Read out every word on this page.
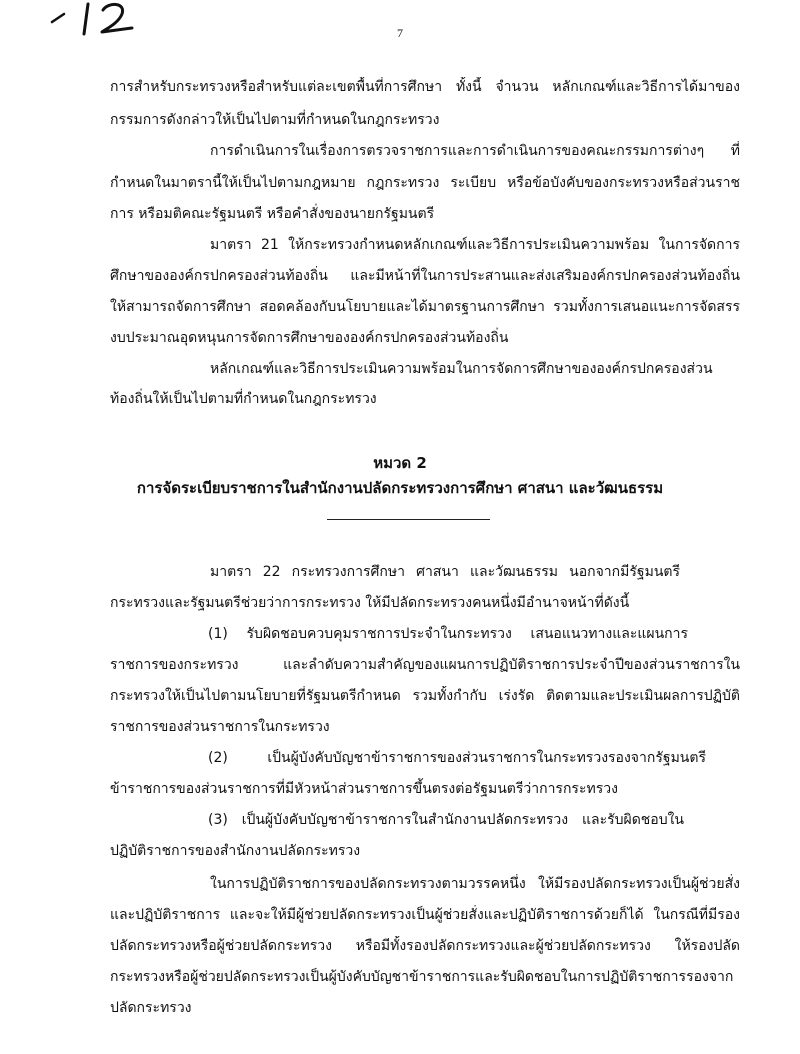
7
การสำหรับกระทรวงหรือสำหรับแต่ละเขตพื้นที่การศึกษา ทั้งนี้ จำนวน หลักเกณฑ์และวิธีการได้มาของ
กรรมการดังกล่าวให้เป็นไปตามที่กำหนดในกฎกระทรวง
การดำเนินการในเรื่องการตรวจราชการและการดำเนินการของคณะกรรมการต่างๆ ที่
กำหนดในมาตรานี้ให้เป็นไปตามกฎหมาย กฎกระทรวง ระเบียบ หรือข้อบังคับของกระทรวงหรือส่วนราช
การ หรือมติคณะรัฐมนตรี หรือคำสั่งของนายกรัฐมนตรี
มาตรา 21 ให้กระทรวงกำหนดหลักเกณฑ์และวิธีการประเมินความพร้อม ในการจัดการ
ศึกษาขององค์กรปกครองส่วนท้องถิ่น และมีหน้าที่ในการประสานและส่งเสริมองค์กรปกครองส่วนท้องถิ่น
ให้สามารถจัดการศึกษา สอดคล้องกับนโยบายและได้มาตรฐานการศึกษา รวมทั้งการเสนอแนะการจัดสรร
งบประมาณอุดหนุนการจัดการศึกษาขององค์กรปกครองส่วนท้องถิ่น
หลักเกณฑ์และวิธีการประเมินความพร้อมในการจัดการศึกษาขององค์กรปกครองส่วน
ท้องถิ่นให้เป็นไปตามที่กำหนดในกฎกระทรวง
หมวด 2
การจัดระเบียบราชการในสำนักงานปลัดกระทรวงการศึกษา ศาสนา และวัฒนธรรม
มาตรา 22 กระทรวงการศึกษา ศาสนา และวัฒนธรรม นอกจากมีรัฐมนตรี
กระทรวงและรัฐมนตรีช่วยว่าการกระทรวง ให้มีปลัดกระทรวงคนหนึ่งมีอำนาจหน้าที่ดังนี้
(1) รับผิดชอบควบคุมราชการประจำในกระทรวง เสนอแนวทางและแผนการ
ราชการของกระทรวง และลำดับความสำคัญของแผนการปฏิบัติราชการประจำปีของส่วนราชการใน
กระทรวงให้เป็นไปตามนโยบายที่รัฐมนตรีกำหนด รวมทั้งกำกับ เร่งรัด ติดตามและประเมินผลการปฏิบัติ
ราชการของส่วนราชการในกระทรวง
(2) เป็นผู้บังคับบัญชาข้าราชการของส่วนราชการในกระทรวงรองจากรัฐมนตรี
ข้าราชการของส่วนราชการที่มีหัวหน้าส่วนราชการขึ้นตรงต่อรัฐมนตรีว่าการกระทรวง
(3) เป็นผู้บังคับบัญชาข้าราชการในสำนักงานปลัดกระทรวง และรับผิดชอบใน
ปฏิบัติราชการของสำนักงานปลัดกระทรวง
ในการปฏิบัติราชการของปลัดกระทรวงตามวรรคหนึ่ง ให้มีรองปลัดกระทรวงเป็นผู้ช่วยสั่ง
และปฏิบัติราชการ และจะให้มีผู้ช่วยปลัดกระทรวงเป็นผู้ช่วยสั่งและปฏิบัติราชการด้วยก็ได้ ในกรณีที่มีรอง
ปลัดกระทรวงหรือผู้ช่วยปลัดกระทรวง หรือมีทั้งรองปลัดกระทรวงและผู้ช่วยปลัดกระทรวง ให้รองปลัด
กระทรวงหรือผู้ช่วยปลัดกระทรวงเป็นผู้บังคับบัญชาข้าราชการและรับผิดชอบในการปฏิบัติราชการรองจาก
ปลัดกระทรวง
